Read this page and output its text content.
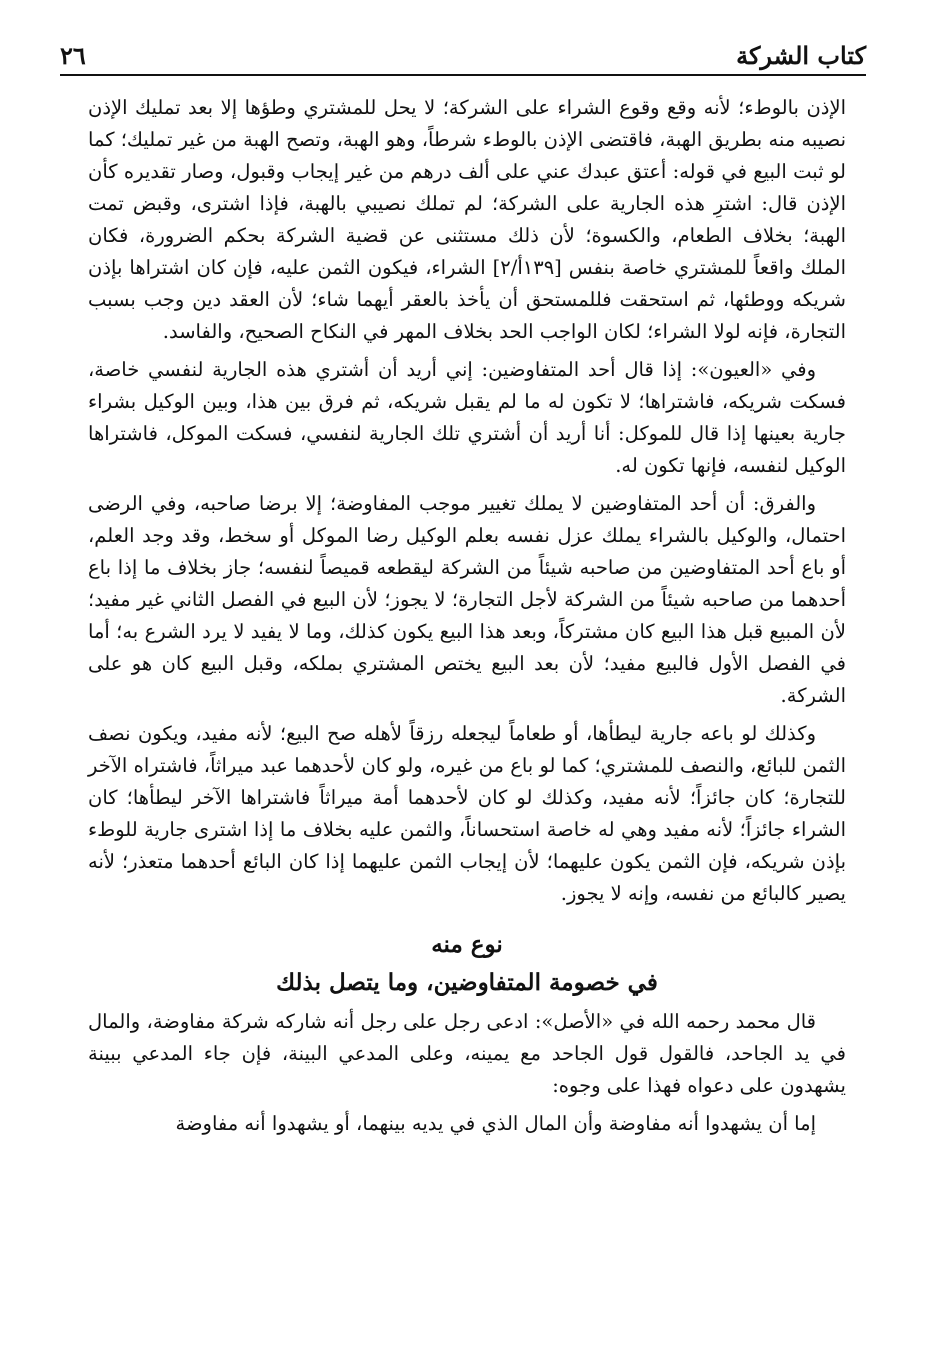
كتاب الشركة
٢٦

الإذن بالوطء؛ لأنه وقع وقوع الشراء على الشركة؛ لا يحل للمشتري وطؤها إلا بعد تمليك الإذن نصيبه منه بطريق الهبة، فاقتضى الإذن بالوطء شرطاً، وهو الهبة، وتصح الهبة من غير تمليك؛ كما لو ثبت البيع في قوله: أعتق عبدك عني على ألف درهم من غير إيجاب وقبول، وصار تقديره كأن الإذن قال: اشترِ هذه الجارية على الشركة؛ لم تملك نصيبي بالهبة، فإذا اشترى، وقبض تمت الهبة؛ بخلاف الطعام، والكسوة؛ لأن ذلك مستثنى عن قضية الشركة بحكم الضرورة، فكان الملك واقعاً للمشتري خاصة بنفس [١٣٩أ/٢] الشراء، فيكون الثمن عليه، فإن كان اشتراها بإذن شريكه ووطئها، ثم استحقت فللمستحق أن يأخذ بالعقر أيهما شاء؛ لأن العقد دين وجب بسبب التجارة، فإنه لولا الشراء؛ لكان الواجب الحد بخلاف المهر في النكاح الصحيح، والفاسد.

وفي «العيون»: إذا قال أحد المتفاوضين: إني أريد أن أشتري هذه الجارية لنفسي خاصة، فسكت شريكه، فاشتراها؛ لا تكون له ما لم يقبل شريكه، ثم فرق بين هذا، وبين الوكيل بشراء جارية بعينها إذا قال للموكل: أنا أريد أن أشتري تلك الجارية لنفسي، فسكت الموكل، فاشتراها الوكيل لنفسه، فإنها تكون له.

والفرق: أن أحد المتفاوضين لا يملك تغيير موجب المفاوضة؛ إلا برضا صاحبه، وفي الرضى احتمال، والوكيل بالشراء يملك عزل نفسه بعلم الوكيل رضا الموكل أو سخط، وقد وجد العلم، أو باع أحد المتفاوضين من صاحبه شيئاً من الشركة ليقطعه قميصاً لنفسه؛ جاز بخلاف ما إذا باع أحدهما من صاحبه شيئاً من الشركة لأجل التجارة؛ لا يجوز؛ لأن البيع في الفصل الثاني غير مفيد؛ لأن المبيع قبل هذا البيع كان مشتركاً، وبعد هذا البيع يكون كذلك، وما لا يفيد لا يرد الشرع به؛ أما في الفصل الأول فالبيع مفيد؛ لأن بعد البيع يختص المشتري بملكه، وقبل البيع كان هو على الشركة.

وكذلك لو باعه جارية ليطأها، أو طعاماً ليجعله رزقاً لأهله صح البيع؛ لأنه مفيد، ويكون نصف الثمن للبائع، والنصف للمشتري؛ كما لو باع من غيره، ولو كان لأحدهما عبد ميراثاً، فاشتراه الآخر للتجارة؛ كان جائزاً؛ لأنه مفيد، وكذلك لو كان لأحدهما أمة ميراثاً فاشتراها الآخر ليطأها؛ كان الشراء جائزاً؛ لأنه مفيد وهي له خاصة استحساناً، والثمن عليه بخلاف ما إذا اشترى جارية للوطء بإذن شريكه، فإن الثمن يكون عليهما؛ لأن إيجاب الثمن عليهما إذا كان البائع أحدهما متعذر؛ لأنه يصير كالبائع من نفسه، وإنه لا يجوز.

نوع منه
في خصومة المتفاوضين، وما يتصل بذلك

قال محمد رحمه الله في «الأصل»: ادعى رجل على رجل أنه شاركه شركة مفاوضة، والمال في يد الجاحد، فالقول قول الجاحد مع يمينه، وعلى المدعي البينة، فإن جاء المدعي ببينة يشهدون على دعواه فهذا على وجوه:

إما أن يشهدوا أنه مفاوضة وأن المال الذي في يديه بينهما، أو يشهدوا أنه مفاوضة
